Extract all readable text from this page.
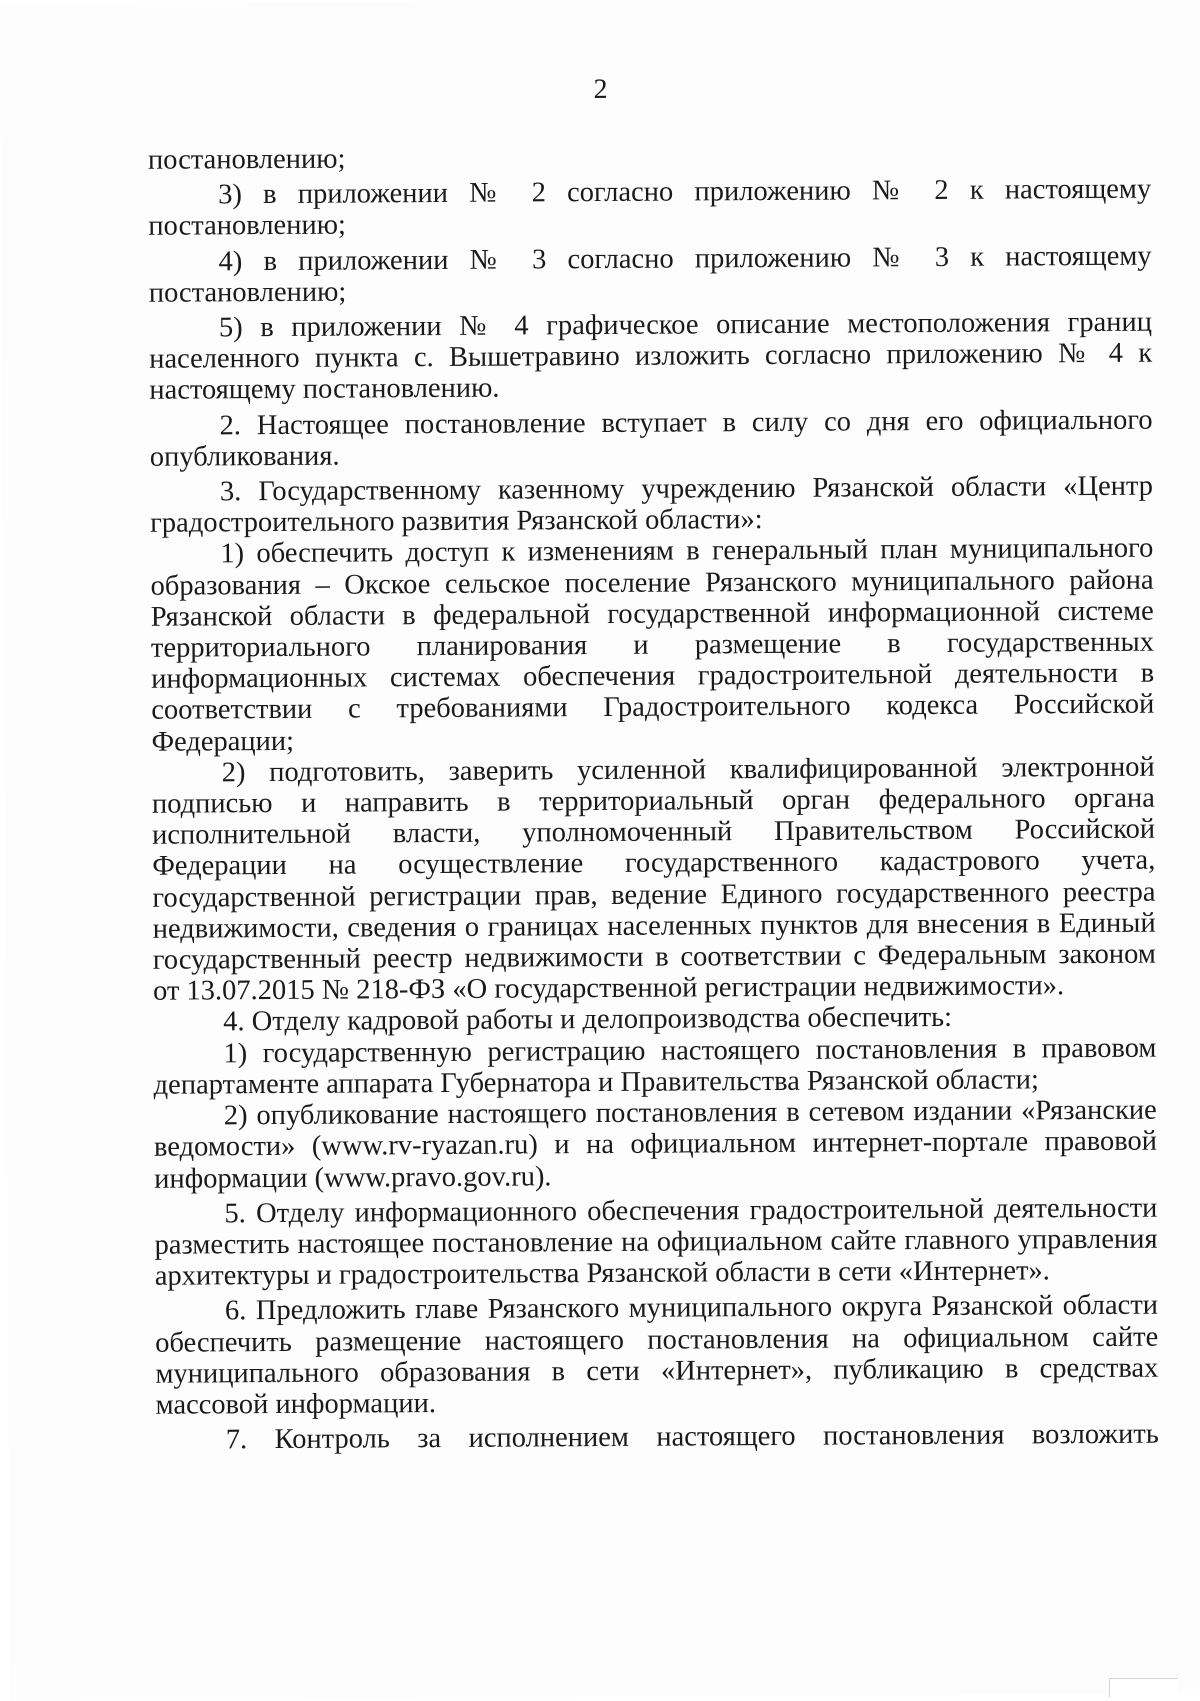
2

постановлению;

3) в приложении № 2 согласно приложению № 2 к настоящему постановлению;

4) в приложении № 3 согласно приложению № 3 к настоящему постановлению;

5) в приложении № 4 графическое описание местоположения границ населенного пункта с. Вышетравино изложить согласно приложению № 4 к настоящему постановлению.

2. Настоящее постановление вступает в силу со дня его официального опубликования.

3. Государственному казенному учреждению Рязанской области «Центр градостроительного развития Рязанской области»:

1) обеспечить доступ к изменениям в генеральный план муниципального образования – Окское сельское поселение Рязанского муниципального района Рязанской области в федеральной государственной информационной системе территориального планирования и размещение в государственных информационных системах обеспечения градостроительной деятельности в соответствии с требованиями Градостроительного кодекса Российской Федерации;

2) подготовить, заверить усиленной квалифицированной электронной подписью и направить в территориальный орган федерального органа исполнительной власти, уполномоченный Правительством Российской Федерации на осуществление государственного кадастрового учета, государственной регистрации прав, ведение Единого государственного реестра недвижимости, сведения о границах населенных пунктов для внесения в Единый государственный реестр недвижимости в соответствии с Федеральным законом от 13.07.2015 № 218-ФЗ «О государственной регистрации недвижимости».

4. Отделу кадровой работы и делопроизводства обеспечить:

1) государственную регистрацию настоящего постановления в правовом департаменте аппарата Губернатора и Правительства Рязанской области;

2) опубликование настоящего постановления в сетевом издании «Рязанские ведомости» (www.rv-ryazan.ru) и на официальном интернет-портале правовой информации (www.pravo.gov.ru).

5. Отделу информационного обеспечения градостроительной деятельности разместить настоящее постановление на официальном сайте главного управления архитектуры и градостроительства Рязанской области в сети «Интернет».

6. Предложить главе Рязанского муниципального округа Рязанской области обеспечить размещение настоящего постановления на официальном сайте муниципального образования в сети «Интернет», публикацию в средствах массовой информации.

7. Контроль за исполнением настоящего постановления возложить
